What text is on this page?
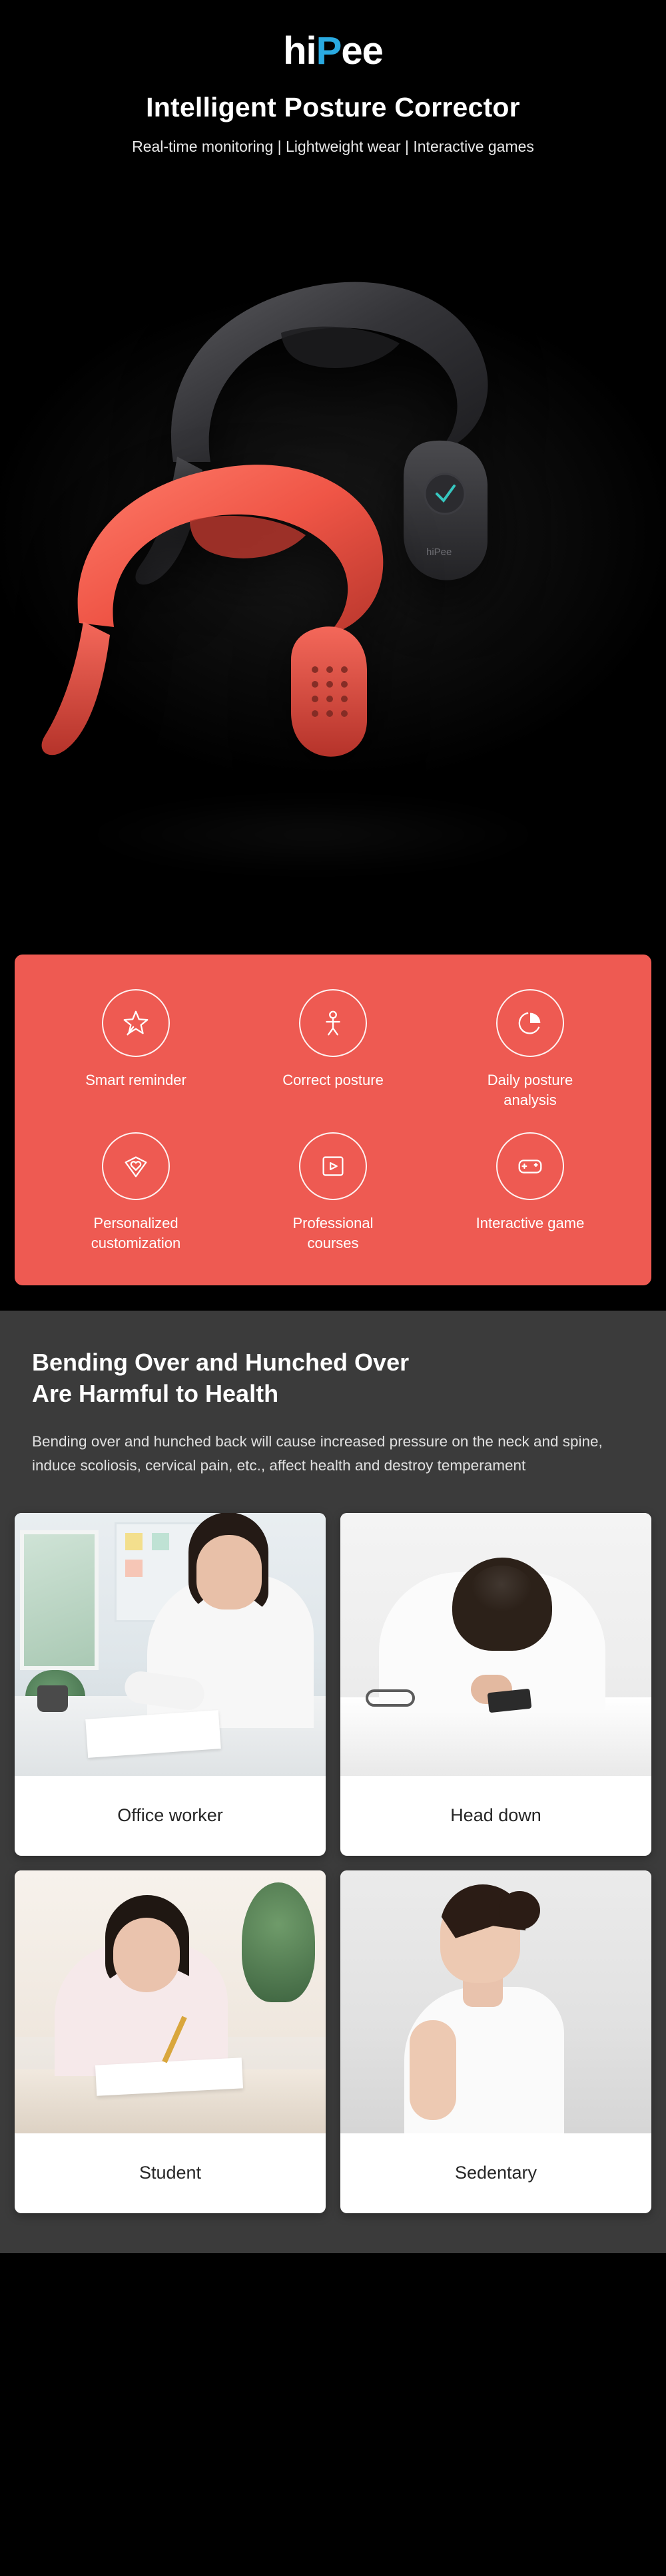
hiPee
Intelligent Posture Corrector
Real-time monitoring | Lightweight wear | Interactive games
hiPee
Smart reminder	Correct posture	Daily posture analysis
Personalized customization
Professional courses
Interactive game
Bending Over and Hunched Over
Are Harmful to Health

Bending over and hunched back will cause increased pressure on the neck and spine, induce scoliosis, cervical pain, etc., affect health and destroy temperament

Office worker	Head down
Student	Sedentary
